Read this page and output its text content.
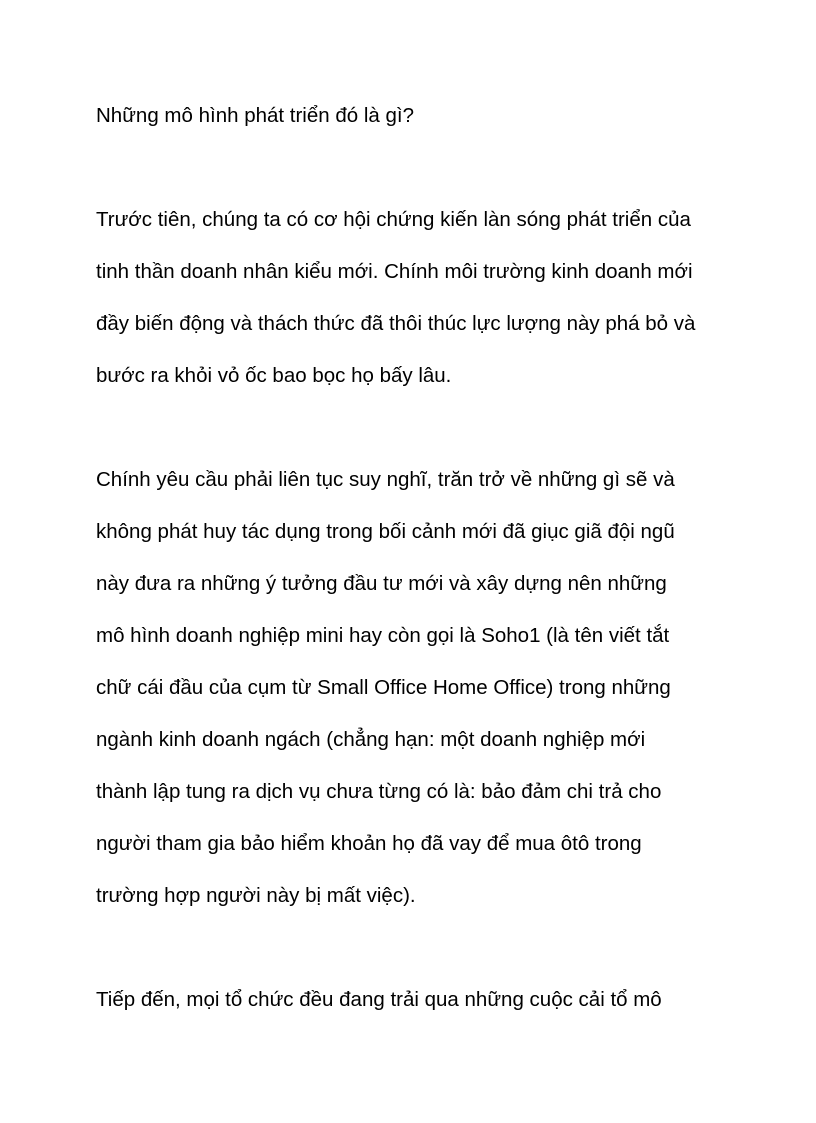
Những mô hình phát triển đó là gì?

Trước tiên, chúng ta có cơ hội chứng kiến làn sóng phát triển của

tinh thần doanh nhân kiểu mới. Chính môi trường kinh doanh mới

đầy biến động và thách thức đã thôi thúc lực lượng này phá bỏ và

bước ra khỏi vỏ ốc bao bọc họ bấy lâu.

Chính yêu cầu phải liên tục suy nghĩ, trăn trở về những gì sẽ và

không phát huy tác dụng trong bối cảnh mới đã giục giã đội ngũ

này đưa ra những ý tưởng đầu tư mới và xây dựng nên những

mô hình doanh nghiệp mini hay còn gọi là Soho1 (là tên viết tắt

chữ cái đầu của cụm từ Small Office Home Office) trong những

ngành kinh doanh ngách (chẳng hạn: một doanh nghiệp mới

thành lập tung ra dịch vụ chưa từng có là: bảo đảm chi trả cho

người tham gia bảo hiểm khoản họ đã vay để mua ôtô trong

trường hợp người này bị mất việc).

Tiếp đến, mọi tổ chức đều đang trải qua những cuộc cải tổ mô
